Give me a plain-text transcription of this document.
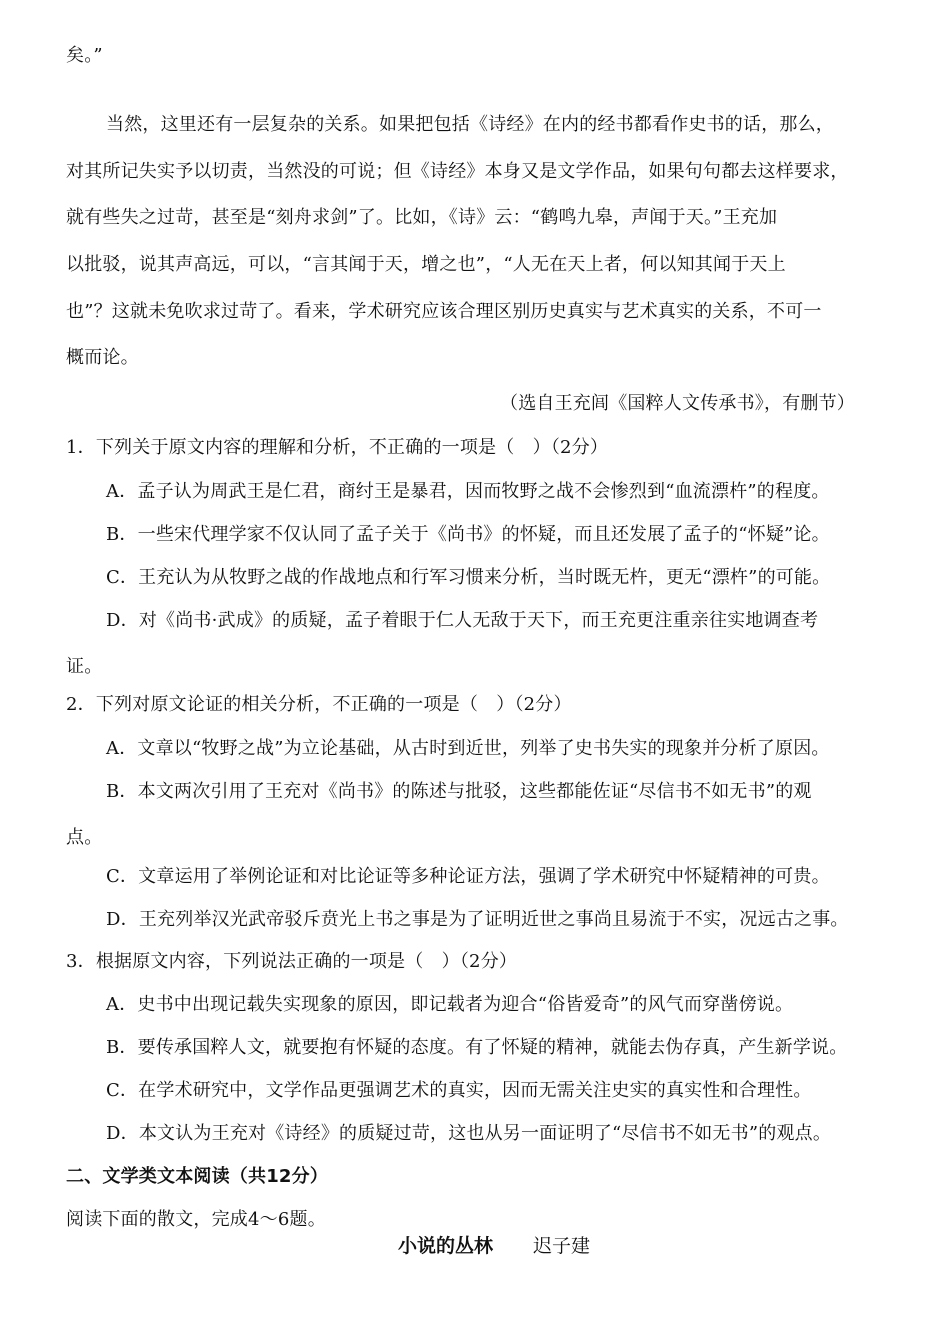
矣。”
当然，这里还有一层复杂的关系。如果把包括《诗经》在内的经书都看作史书的话，那么，
对其所记失实予以切责，当然没的可说；但《诗经》本身又是文学作品，如果句句都去这样要求，
就有些失之过苛，甚至是“刻舟求剑”了。比如，《诗》云：“鹤鸣九皋，声闻于天。”王充加
以批驳，说其声高远，可以，“言其闻于天，增之也”，“人无在天上者，何以知其闻于天上
也”？这就未免吹求过苛了。看来，学术研究应该合理区别历史真实与艺术真实的关系，不可一
概而论。
（选自王充闾《国粹人文传承书》，有删节）
1．下列关于原文内容的理解和分析，不正确的一项是（　）（2分）
A．孟子认为周武王是仁君，商纣王是暴君，因而牧野之战不会惨烈到“血流漂杵”的程度。
B．一些宋代理学家不仅认同了孟子关于《尚书》的怀疑，而且还发展了孟子的“怀疑”论。
C．王充认为从牧野之战的作战地点和行军习惯来分析，当时既无杵，更无“漂杵”的可能。
D．对《尚书·武成》的质疑，孟子着眼于仁人无敌于天下，而王充更注重亲往实地调查考
证。
2．下列对原文论证的相关分析，不正确的一项是（　）（2分）
A．文章以“牧野之战”为立论基础，从古时到近世，列举了史书失实的现象并分析了原因。
B．本文两次引用了王充对《尚书》的陈述与批驳，这些都能佐证“尽信书不如无书”的观
点。
C．文章运用了举例论证和对比论证等多种论证方法，强调了学术研究中怀疑精神的可贵。
D．王充列举汉光武帝驳斥贲光上书之事是为了证明近世之事尚且易流于不实，况远古之事。
3．根据原文内容，下列说法正确的一项是（　）（2分）
A．史书中出现记载失实现象的原因，即记载者为迎合“俗皆爱奇”的风气而穿凿傍说。
B．要传承国粹人文，就要抱有怀疑的态度。有了怀疑的精神，就能去伪存真，产生新学说。
C．在学术研究中，文学作品更强调艺术的真实，因而无需关注史实的真实性和合理性。
D．本文认为王充对《诗经》的质疑过苛，这也从另一面证明了“尽信书不如无书”的观点。
二、文学类文本阅读（共12分）
阅读下面的散文，完成4～6题。
小说的丛林 迟子建
